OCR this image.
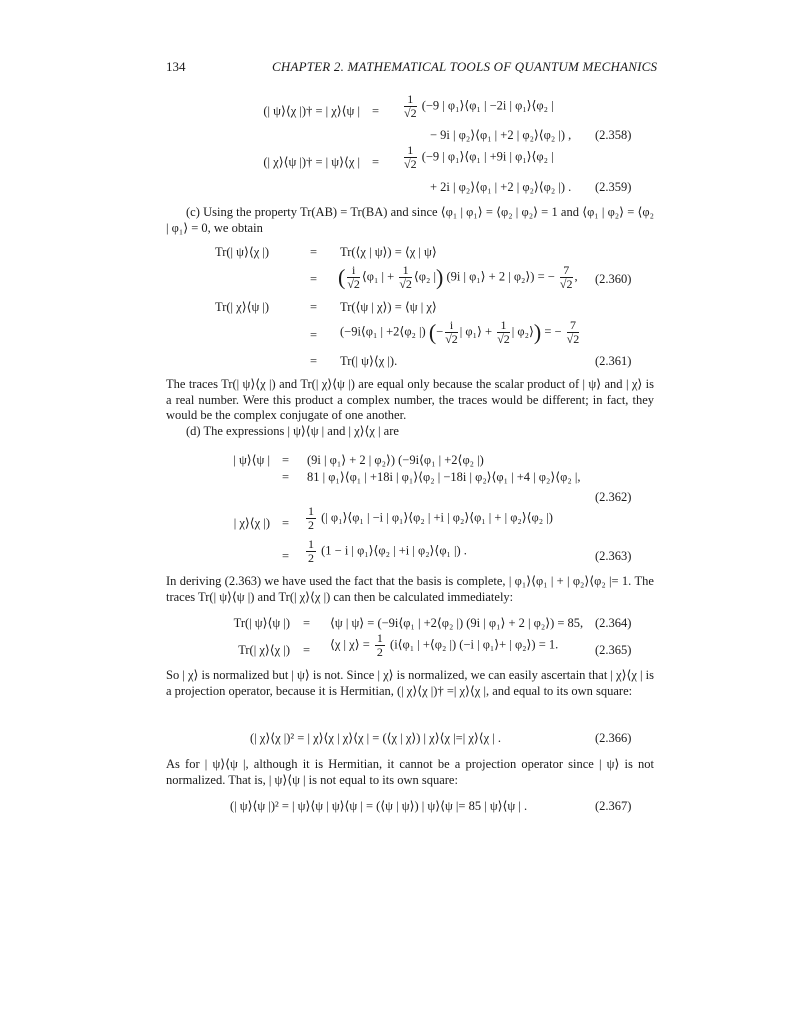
134	CHAPTER 2. MATHEMATICAL TOOLS OF QUANTUM MECHANICS
(| ψ⟩⟨χ |)† = | χ⟩⟨ψ | = $\frac{1}{√2} (-9$ | φ₁⟩⟨φ₁ | −2i | φ₁⟩⟨φ₂ |
− 9i | φ₂⟩⟨φ₁ | +2 | φ₂⟩⟨φ₂ |) , (2.358)
(| χ⟩⟨ψ |)† = | ψ⟩⟨χ | = $\frac{1}{√2} (-9$ | φ₁⟩⟨φ₁ | +9i | φ₁⟩⟨φ₂ |
+ 2i | φ₂⟩⟨φ₁ | +2 | φ₂⟩⟨φ₂ |) . (2.359)
(c) Using the property Tr(AB) = Tr(BA) and since ⟨φ₁ | φ₁⟩ = ⟨φ₂ | φ₂⟩ = 1 and ⟨φ₁ | φ₂⟩ = ⟨φ₂ | φ₁⟩ = 0, we obtain
Tr(| ψ⟩⟨χ |)	= Tr(⟨χ | ψ⟩) = ⟨χ | ψ⟩
= ( $\frac{i}{√2}$ ⟨φ₁ | + $\frac{1}{√2}$ ⟨φ₂ |) (9i | φ₁⟩ + 2 | φ₂⟩) = − $\frac{7}{√2}$ , (2.360)
Tr(| χ⟩⟨ψ |)	= Tr(⟨ψ | χ⟩) = ⟨ψ | χ⟩
= (−9i⟨φ₁ | +2⟨φ₂ |) (− $\frac{i}{√2}$ | φ₁⟩ + $\frac{1}{√2}$ | φ₂⟩) = − $\frac{7}{√2}$
= Tr(| ψ⟩⟨χ |).	(2.361)
The traces Tr(| ψ⟩⟨χ |) and Tr(| χ⟩⟨ψ |) are equal only because the scalar product of | ψ⟩ and | χ⟩ is a real number. Were this product a complex number, the traces would be different; in fact, they would be the complex conjugate of one another.
(d) The expressions | ψ⟩⟨ψ | and | χ⟩⟨χ | are
| ψ⟩⟨ψ | = (9i | φ₁⟩ + 2 | φ₂⟩) (−9i⟨φ₁ | +2⟨φ₂ |)
= 81 | φ₁⟩⟨φ₁ | +18i | φ₁⟩⟨φ₂ | −18i | φ₂⟩⟨φ₁ | +4 | φ₂⟩⟨φ₂ |,
(2.362)
| χ⟩⟨χ |) = $\frac{1}{2}$ (| φ₁⟩⟨φ₁ | −i | φ₁⟩⟨φ₂ | +i | φ₂⟩⟨φ₁ | + | φ₂⟩⟨φ₂ |)
= $\frac{1}{2} (1 - i$ | φ₁⟩⟨φ₂ | +i | φ₂⟩⟨φ₁ |) .	(2.363)
In deriving (2.363) we have used the fact that the basis is complete, | φ₁⟩⟨φ₁ | + | φ₂⟩⟨φ₂ |= 1. The traces Tr(| ψ⟩⟨ψ |) and Tr(| χ⟩⟨χ |) can then be calculated immediately:
Tr(| ψ⟩⟨ψ |) = ⟨ψ | ψ⟩ = (−9i⟨φ₁ | +2⟨φ₂ |) (9i | φ₁⟩ + 2 | φ₂⟩) = 85, (2.364)
Tr(| χ⟩⟨χ |) = ⟨χ | χ⟩ = $\frac{1}{2}$ (i⟨φ₁ | +⟨φ₂ |) (−i | φ₁⟩+ | φ₂⟩) = 1.	(2.365)
So | χ⟩ is normalized but | ψ⟩ is not. Since | χ⟩ is normalized, we can easily ascertain that | χ⟩⟨χ | is a projection operator, because it is Hermitian, (| χ⟩⟨χ |)† =| χ⟩⟨χ |, and equal to its own square:
(| χ⟩⟨χ |)² = | χ⟩⟨χ | χ⟩⟨χ | = (⟨χ | χ⟩) | χ⟩⟨χ |=| χ⟩⟨χ | .	(2.366)
As for | ψ⟩⟨ψ |, although it is Hermitian, it cannot be a projection operator since | ψ⟩ is not normalized. That is, | ψ⟩⟨ψ | is not equal to its own square:
(| ψ⟩⟨ψ |)² = | ψ⟩⟨ψ | ψ⟩⟨ψ | = (⟨ψ | ψ⟩) | ψ⟩⟨ψ |= 85 | ψ⟩⟨ψ | .	(2.367)
